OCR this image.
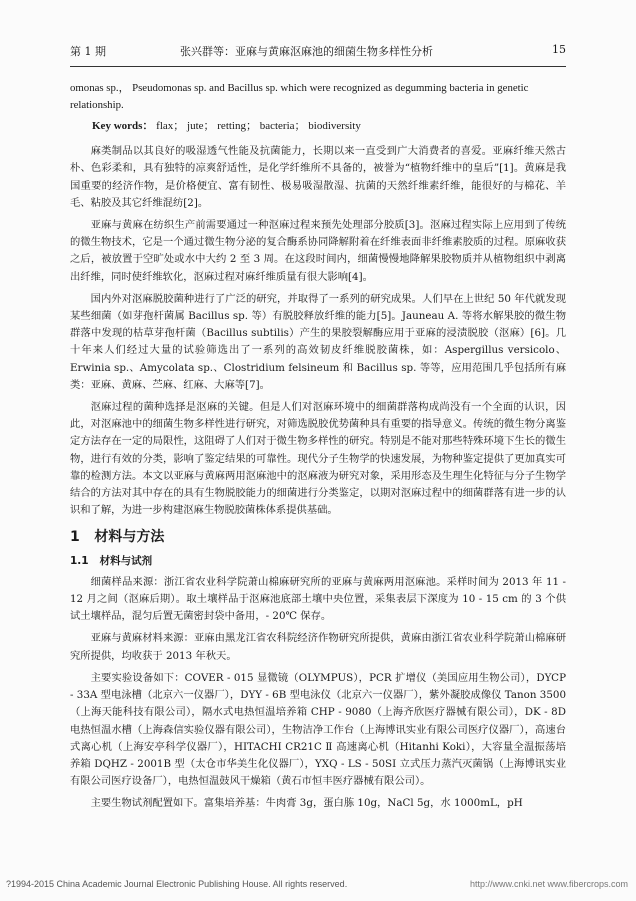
第 1 期	张兴群等：亚麻与黄麻沤麻池的细菌生物多样性分析	15

omonas sp.， Pseudomonas sp. and Bacillus sp. which were recognized as degumming bacteria in genetic relationship.

Key words： flax； jute； retting； bacteria； biodiversity

麻类制品以其良好的吸湿透气性能及抗菌能力，长期以来一直受到广大消费者的喜爱。亚麻纤维天然古朴、色彩柔和，具有独特的凉爽舒适性，是化学纤维所不具备的，被誉为“植物纤维中的皇后”[1]。黄麻是我国重要的经济作物，是价格便宜、富有韧性、极易吸湿散湿、抗菌的天然纤维素纤维，能很好的与棉花、羊毛、粘胶及其它纤维混纺[2]。

亚麻与黄麻在纺织生产前需要通过一种沤麻过程来预先处理部分胶质[3]。沤麻过程实际上应用到了传统的微生物技术，它是一个通过微生物分泌的复合酶系协同降解附着在纤维表面非纤维素胶质的过程。原麻收获之后，被放置于空旷处或水中大约 2 至 3 周。在这段时间内，细菌慢慢地降解果胶物质并从植物组织中剥离出纤维，同时使纤维软化，沤麻过程对麻纤维质量有很大影响[4]。

国内外对沤麻脱胶菌种进行了广泛的研究，并取得了一系列的研究成果。人们早在上世纪 50 年代就发现某些细菌（如芽孢杆菌属 Bacillus sp. 等）有脱胶释放纤维的能力[5]。Jauneau A. 等将水解果胶的微生物群落中发现的枯草芽孢杆菌（Bacillus subtilis）产生的果胶裂解酶应用于亚麻的浸渍脱胶（沤麻）[6]。几十年来人们经过大量的试验筛选出了一系列的高效韧皮纤维脱胶菌株，如：Aspergillus versicolo、Erwinia sp.、Amycolata sp.、Clostridium felsineum 和 Bacillus sp. 等等，应用范围几乎包括所有麻类：亚麻、黄麻、苎麻、红麻、大麻等[7]。

沤麻过程的菌种选择是沤麻的关键。但是人们对沤麻环境中的细菌群落构成尚没有一个全面的认识，因此，对沤麻池中的细菌生物多样性进行研究，对筛选脱胶优势菌种具有重要的指导意义。传统的微生物分离鉴定方法存在一定的局限性，这阻碍了人们对于微生物多样性的研究。特别是不能对那些特殊环境下生长的微生物，进行有效的分类，影响了鉴定结果的可靠性。现代分子生物学的快速发展，为物种鉴定提供了更加真实可靠的检测方法。本文以亚麻与黄麻两用沤麻池中的沤麻液为研究对象，采用形态及生理生化特征与分子生物学结合的方法对其中存在的具有生物脱胶能力的细菌进行分类鉴定，以期对沤麻过程中的细菌群落有进一步的认识和了解，为进一步构建沤麻生物脱胶菌株体系提供基础。

1 材料与方法
1.1 材料与试剂

细菌样品来源：浙江省农业科学院萧山棉麻研究所的亚麻与黄麻两用沤麻池。采样时间为 2013 年 11 - 12 月之间（沤麻后期）。取土壤样品于沤麻池底部土壤中央位置，采集表层下深度为 10 - 15 cm 的 3 个供试土壤样品，混匀后置无菌密封袋中备用，- 20℃ 保存。

亚麻与黄麻材料来源：亚麻由黑龙江省农科院经济作物研究所提供，黄麻由浙江省农业科学院萧山棉麻研究所提供，均收获于 2013 年秋天。

主要实验设备如下：COVER - 015 显微镜（OLYMPUS），PCR 扩增仪（美国应用生物公司），DYCP - 33A 型电泳槽（北京六一仪器厂），DYY - 6B 型电泳仪（北京六一仪器厂），紫外凝胶成像仪 Tanon 3500（上海天能科技有限公司），隔水式电热恒温培养箱 CHP - 9080（上海齐欣医疗器械有限公司），DK - 8D 电热恒温水槽（上海森信实验仪器有限公司），生物洁净工作台（上海博讯实业有限公司医疗仪器厂），高速台式离心机（上海安亭科学仪器厂），HITACHI CR21C Ⅱ 高速离心机（Hitanhi Koki），大容量全温振荡培养箱 DQHZ - 2001B 型（太仓市华美生化仪器厂），YXQ - LS - 50SI 立式压力蒸汽灭菌锅（上海博讯实业有限公司医疗设备厂），电热恒温鼓风干燥箱（黄石市恒丰医疗器械有限公司）。

主要生物试剂配置如下。富集培养基：牛肉膏 3g，蛋白胨 10g，NaCl 5g，水 1000mL，pH

?1994-2015 China Academic Journal Electronic Publishing House. All rights reserved.	http://www.cnki.net www.fibercrops.com
